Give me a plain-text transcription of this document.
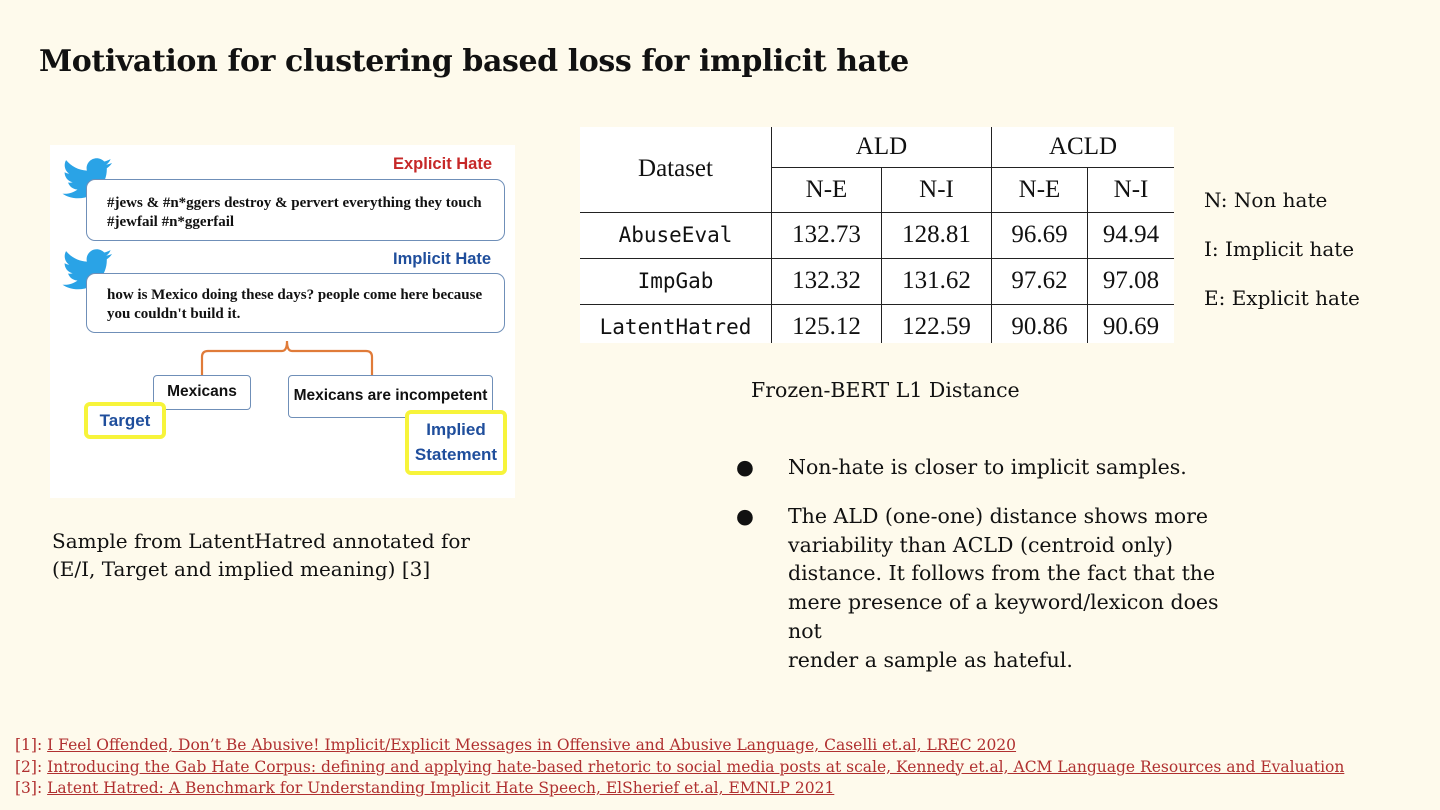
Motivation for clustering based loss for implicit hate
Explicit Hate
#jews & #n*ggers destroy & pervert everything they touch #jewfail #n*ggerfail
Implicit Hate
how is Mexico doing these days? people come here because you couldn't build it.
Mexicans	Mexicans are incompetent
Target	Implied
Statement
Sample from LatentHatred annotated for
(E/I, Target and implied meaning) [3]
Dataset	ALD		ACLD	
	N-E	N-I	N-E	N-I
AbuseEval	132.73	128.81	96.69	94.94
ImpGab	132.32	131.62	97.62	97.08
LatentHatred	125.12	122.59	90.86	90.69
N: Non hate
I: Implicit hate
E: Explicit hate
Frozen-BERT L1 Distance
● Non-hate is closer to implicit samples.
● The ALD (one-one) distance shows more
variability than ACLD (centroid only)
distance. It follows from the fact that the
mere presence of a keyword/lexicon does not
render a sample as hateful.
[1]: I Feel Offended, Don’t Be Abusive! Implicit/Explicit Messages in Offensive and Abusive Language, Caselli et.al, LREC 2020
[2]: Introducing the Gab Hate Corpus: defining and applying hate-based rhetoric to social media posts at scale, Kennedy et.al, ACM Language Resources and Evaluation
[3]: Latent Hatred: A Benchmark for Understanding Implicit Hate Speech, ElSherief et.al, EMNLP 2021
